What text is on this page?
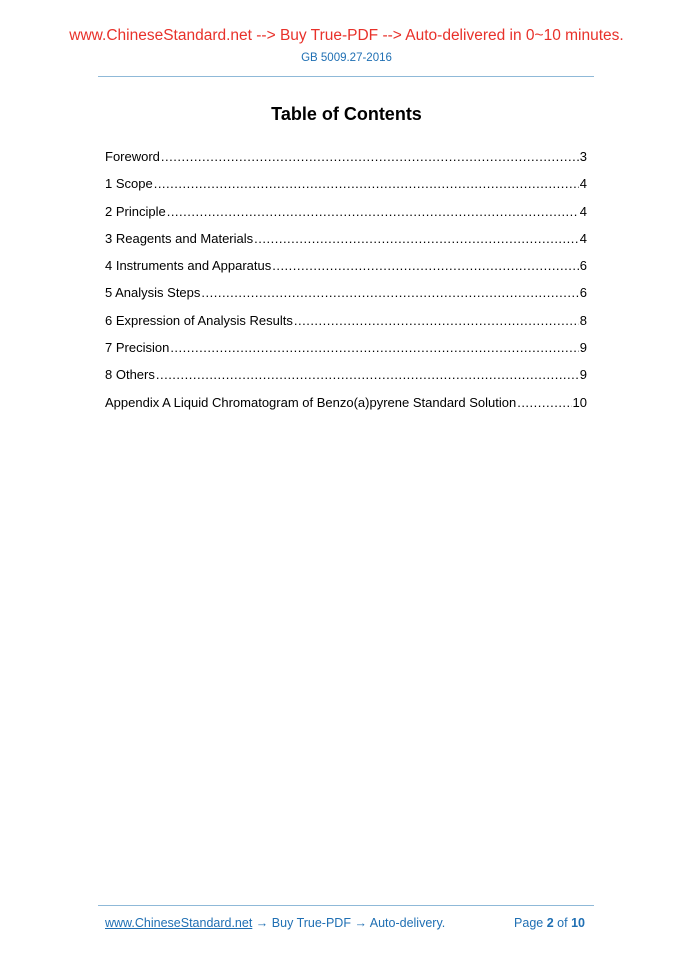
www.ChineseStandard.net --> Buy True-PDF --> Auto-delivered in 0~10 minutes.
GB 5009.27-2016
Table of Contents
Foreword .....	3
1 Scope .....	4
2 Principle .....	4
3 Reagents and Materials .....	4
4 Instruments and Apparatus .....	6
5 Analysis Steps .....	6
6 Expression of Analysis Results .....	8
7 Precision .....	9
8 Others .....	9
Appendix A Liquid Chromatogram of Benzo(a)pyrene Standard Solution .....	10
www.ChineseStandard.net → Buy True-PDF → Auto-delivery.	Page 2 of 10
